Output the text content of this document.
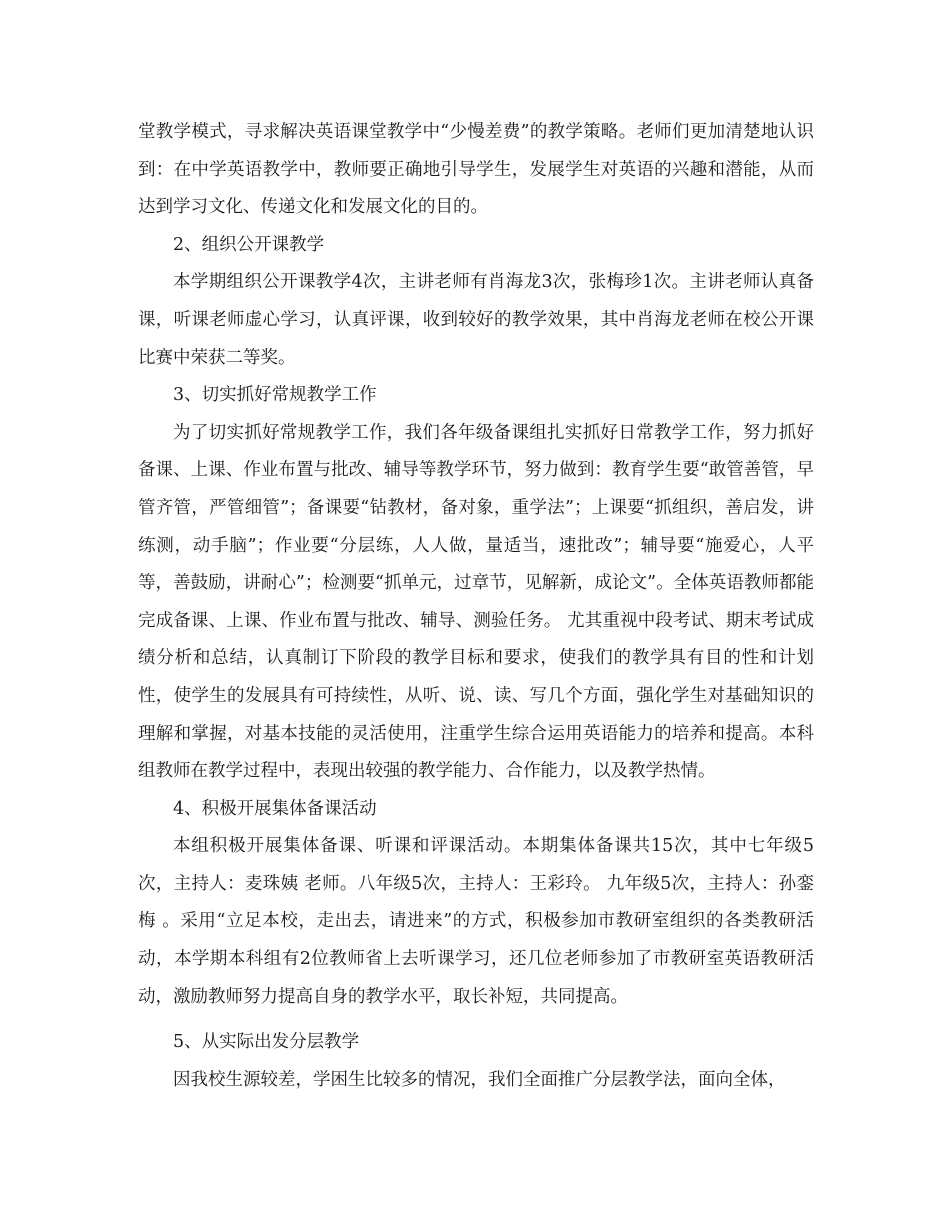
堂教学模式，寻求解决英语课堂教学中“少慢差费”的教学策略。老师们更加清楚地认识到：在中学英语教学中，教师要正确地引导学生，发展学生对英语的兴趣和潜能，从而达到学习文化、传递文化和发展文化的目的。

2、组织公开课教学

本学期组织公开课教学4次，主讲老师有肖海龙3次，张梅珍1次。主讲老师认真备课，听课老师虚心学习，认真评课，收到较好的教学效果，其中肖海龙老师在校公开课比赛中荣获二等奖。

3、切实抓好常规教学工作

为了切实抓好常规教学工作，我们各年级备课组扎实抓好日常教学工作，努力抓好备课、上课、作业布置与批改、辅导等教学环节，努力做到：教育学生要“敢管善管，早管齐管，严管细管”；备课要“钻教材，备对象，重学法”；上课要“抓组织，善启发，讲练测，动手脑”；作业要“分层练，人人做，量适当，速批改”；辅导要“施爱心，人平等，善鼓励，讲耐心”；检测要“抓单元，过章节，见解新，成论文”。全体英语教师都能完成备课、上课、作业布置与批改、辅导、测验任务。 尤其重视中段考试、期末考试成绩分析和总结，认真制订下阶段的教学目标和要求，使我们的教学具有目的性和计划性，使学生的发展具有可持续性，从听、说、读、写几个方面，强化学生对基础知识的理解和掌握，对基本技能的灵活使用，注重学生综合运用英语能力的培养和提高。本科组教师在教学过程中，表现出较强的教学能力、合作能力，以及教学热情。

4、积极开展集体备课活动

本组积极开展集体备课、听课和评课活动。本期集体备课共15次，其中七年级5次，主持人：麦珠姨 老师。八年级5次，主持人：王彩玲。 九年级5次，主持人：孙銮梅 。采用“立足本校，走出去，请进来”的方式，积极参加市教研室组织的各类教研活动，本学期本科组有2位教师省上去听课学习，还几位老师参加了市教研室英语教研活动，激励教师努力提高自身的教学水平，取长补短，共同提高。

5、从实际出发分层教学

因我校生源较差，学困生比较多的情况，我们全面推广分层教学法，面向全体，
